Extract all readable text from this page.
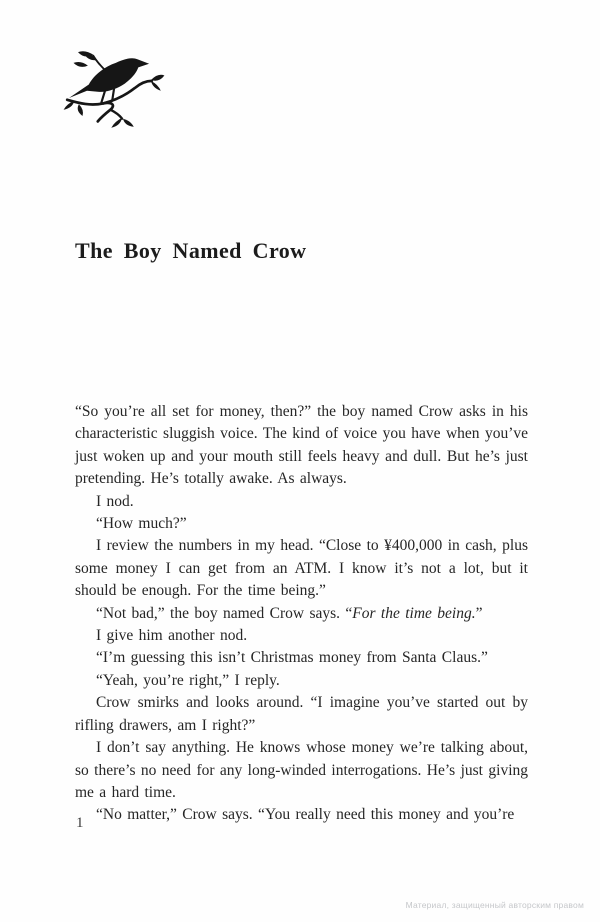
The Boy Named Crow

“So you’re all set for money, then?” the boy named Crow asks in his characteristic sluggish voice. The kind of voice you have when you’ve just woken up and your mouth still feels heavy and dull. But he’s just pretending. He’s totally awake. As always.

I nod.

“How much?”

I review the numbers in my head. “Close to ¥400,000 in cash, plus some money I can get from an ATM. I know it’s not a lot, but it should be enough. For the time being.”

“Not bad,” the boy named Crow says. “For the time being.”

I give him another nod.

“I’m guessing this isn’t Christmas money from Santa Claus.”

“Yeah, you’re right,” I reply.

Crow smirks and looks around. “I imagine you’ve started out by rifling drawers, am I right?”

I don’t say anything. He knows whose money we’re talking about, so there’s no need for any long-winded interrogations. He’s just giving me a hard time.

“No matter,” Crow says. “You really need this money and you’re

1
Материал, защищенный авторским правом
